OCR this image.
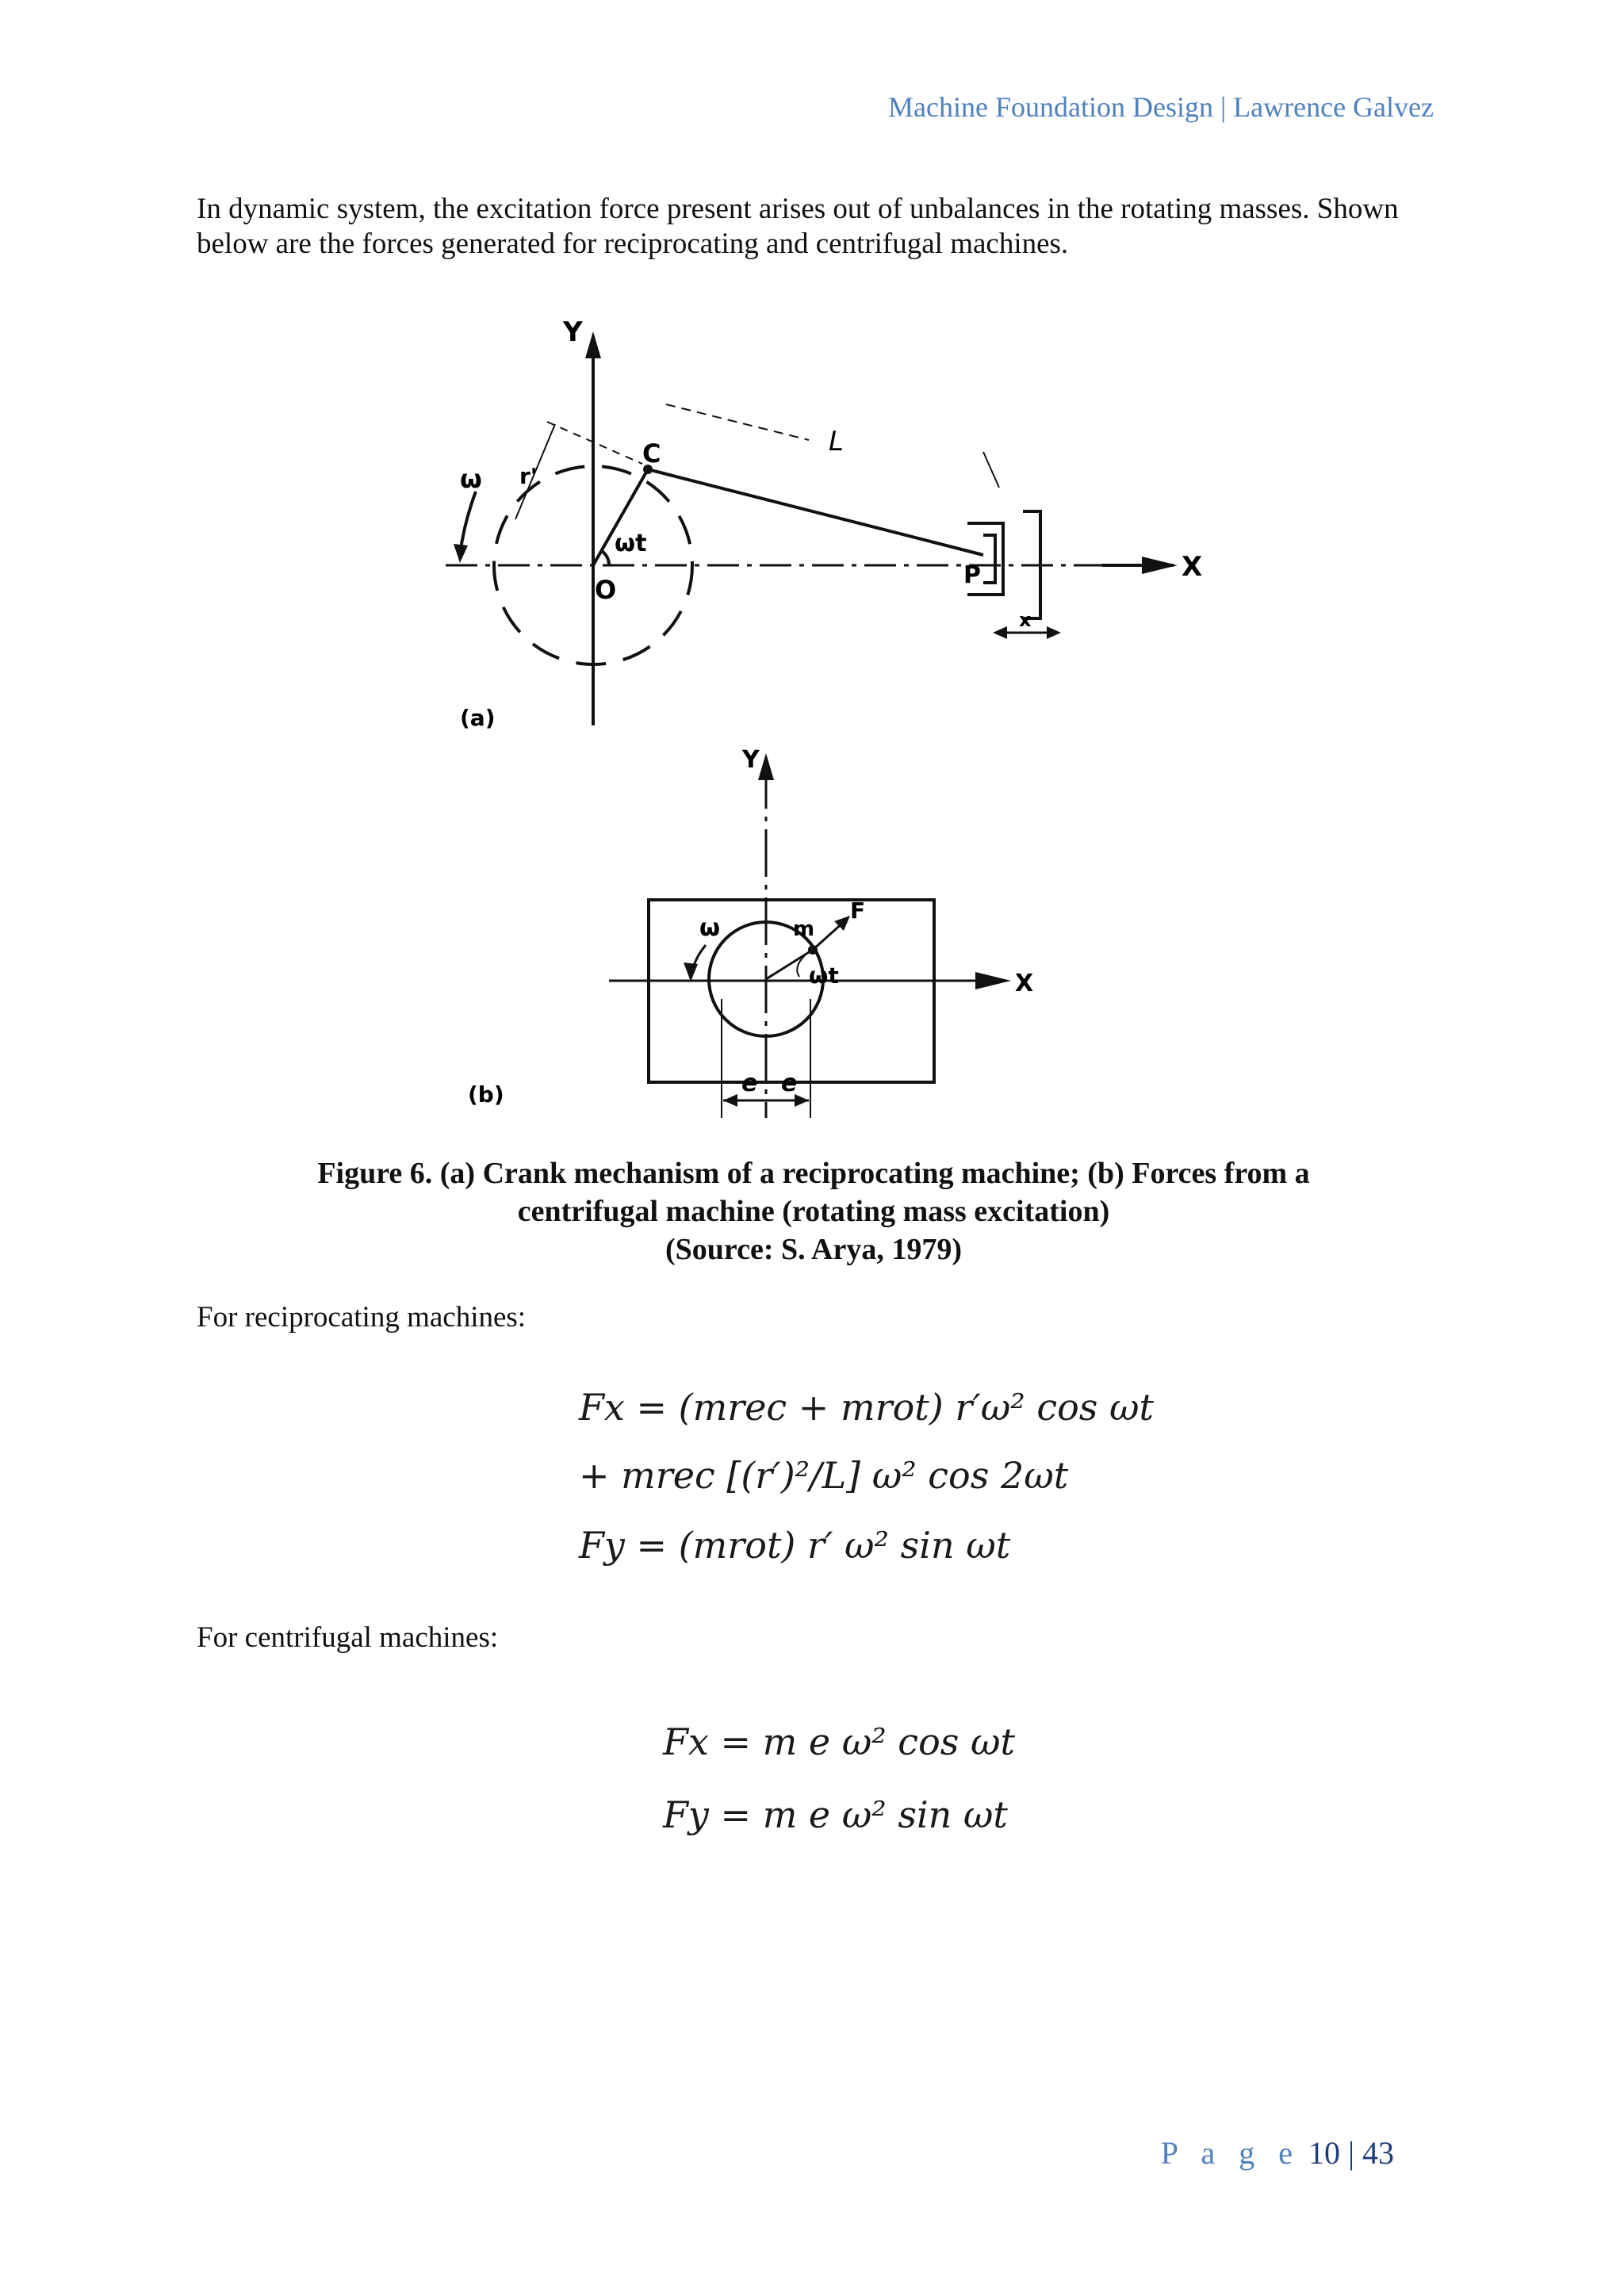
Machine Foundation Design | Lawrence Galvez
In dynamic system, the excitation force present arises out of unbalances in the rotating masses. Shown
below are the forces generated for reciprocating and centrifugal machines.
Y
X
C
O	P
L
ωt
ω r'
x
(a)
Y
X
m
F
ωt
ω
e e
(b)
Figure 6. (a) Crank mechanism of a reciprocating machine; (b) Forces from a
centrifugal machine (rotating mass excitation)
(Source: S. Arya, 1979)
For reciprocating machines:
Fx = (mrec + mrot) r′ω² cos ωt
+ mrec [(r′)²/L] ω² cos 2ωt
Fy = (mrot) r′ ω² sin ωt
For centrifugal machines:
Fx = m e ω² cos ωt
Fy = m e ω² sin ωt
P a g e 10 | 43
